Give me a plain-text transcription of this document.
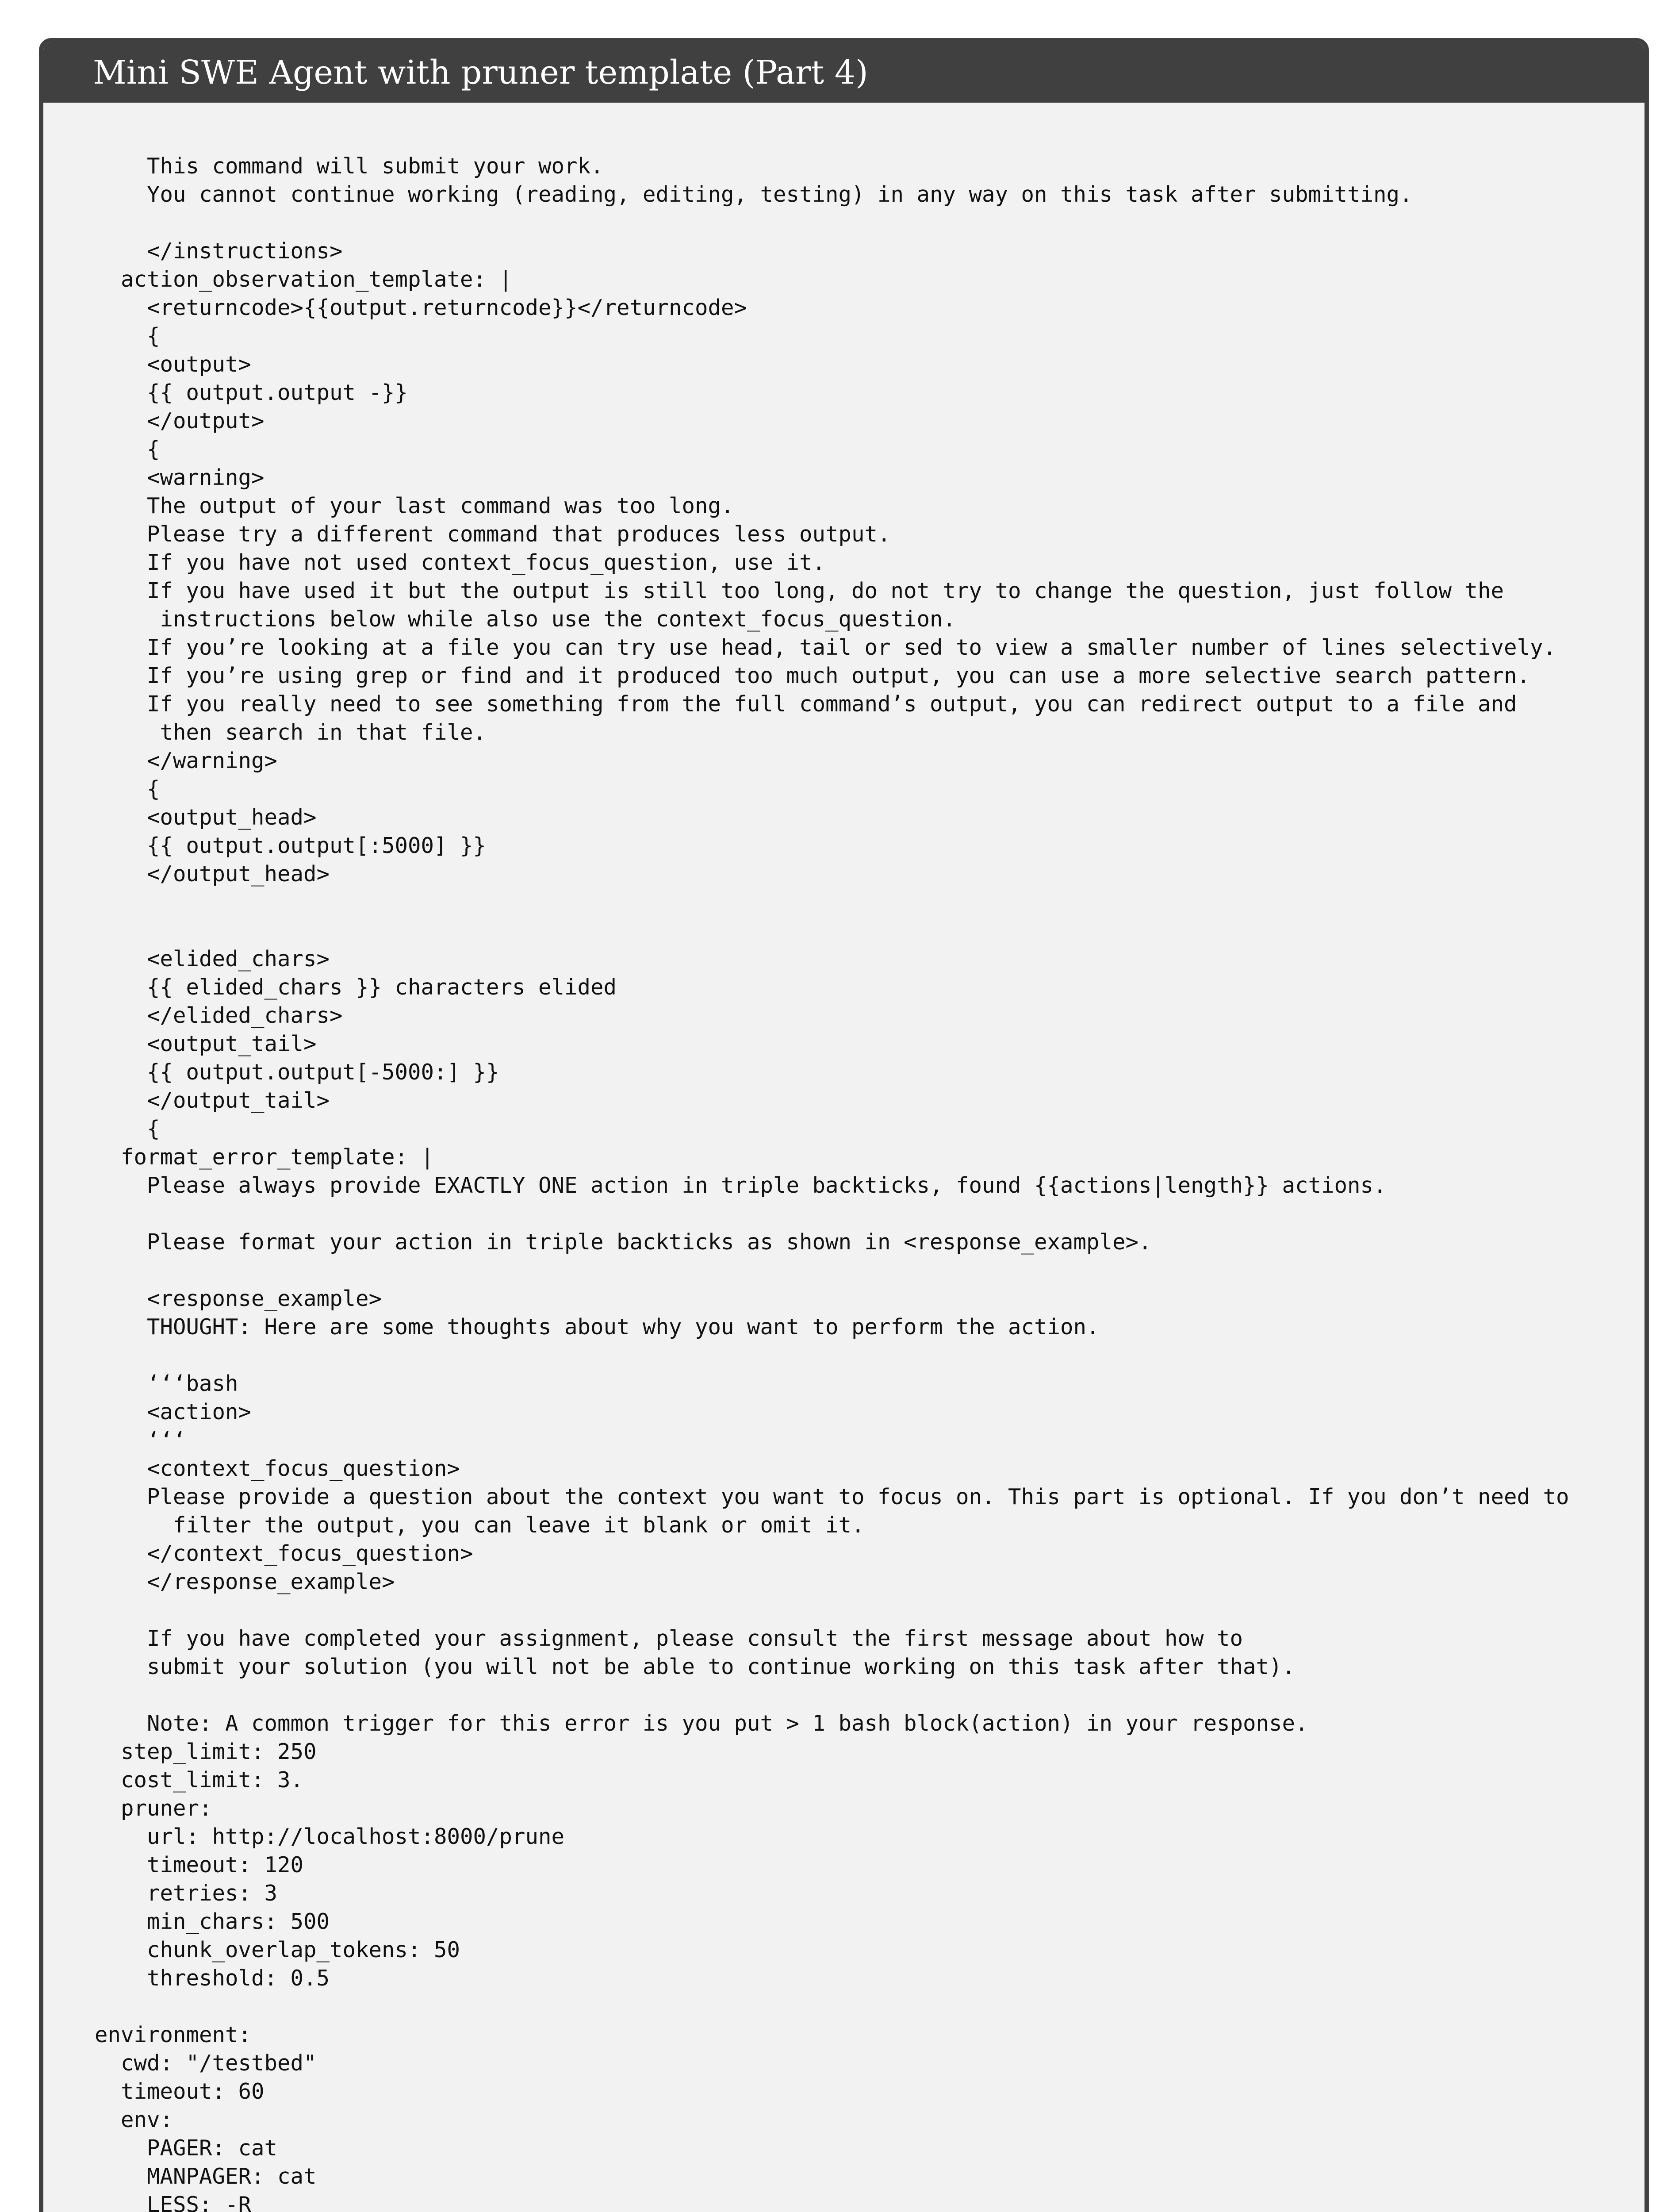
Mini SWE Agent with pruner template (Part 4)
This command will submit your work.
You cannot continue working (reading, editing, testing) in any way on this task after submitting.
</instructions>
action_observation_template: |
<returncode>{{output.returncode}}</returncode>
{
<output>
{{ output.output -}}
</output>
{
<warning>
The output of your last command was too long.
Please try a different command that produces less output.
If you have not used context_focus_question, use it.
If you have used it but the output is still too long, do not try to change the question, just follow the
instructions below while also use the context_focus_question.
If you’re looking at a file you can try use head, tail or sed to view a smaller number of lines selectively.
If you’re using grep or find and it produced too much output, you can use a more selective search pattern.
If you really need to see something from the full command’s output, you can redirect output to a file and
then search in that file.
</warning>
{
<output_head>
{{ output.output[:5000] }}
</output_head>
<elided_chars>
{{ elided_chars }} characters elided
</elided_chars>
<output_tail>
{{ output.output[-5000:] }}
</output_tail>
{
format_error_template: |
Please always provide EXACTLY ONE action in triple backticks, found {{actions|length}} actions.
Please format your action in triple backticks as shown in <response_example>.
<response_example>
THOUGHT: Here are some thoughts about why you want to perform the action.
‘‘‘bash
<action>
‘‘‘
<context_focus_question>
Please provide a question about the context you want to focus on. This part is optional. If you don’t need to
filter the output, you can leave it blank or omit it.
</context_focus_question>
</response_example>
If you have completed your assignment, please consult the first message about how to
submit your solution (you will not be able to continue working on this task after that).
Note: A common trigger for this error is you put > 1 bash block(action) in your response.
step_limit: 250
cost_limit: 3.
pruner:
url: http://localhost:8000/prune
timeout: 120
retries: 3
min_chars: 500
chunk_overlap_tokens: 50
threshold: 0.5
environment:
cwd: "/testbed"
timeout: 60
env:
PAGER: cat
MANPAGER: cat
LESS: -R
